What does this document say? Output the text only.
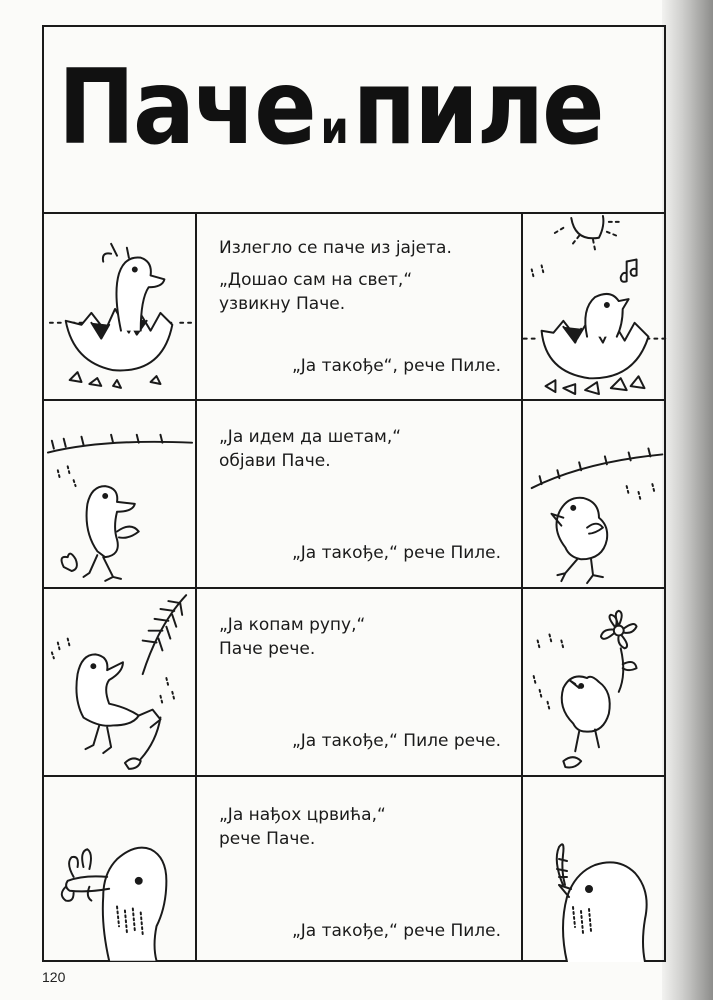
Паче ипиле
Излегло се паче из јајета.
„Дошао сам на свет,“
узвикну Паче.
„Ја такође“, рече Пиле.
„Ја идем да шетам,“
објави Паче.
„Ја такође,“ рече Пиле.
„Ја копам рупу,“
Паче рече.
„Ја такође,“ Пиле рече.
„Ја нађох црвића,“
рече Паче.
„Ја такође,“ рече Пиле.
120
